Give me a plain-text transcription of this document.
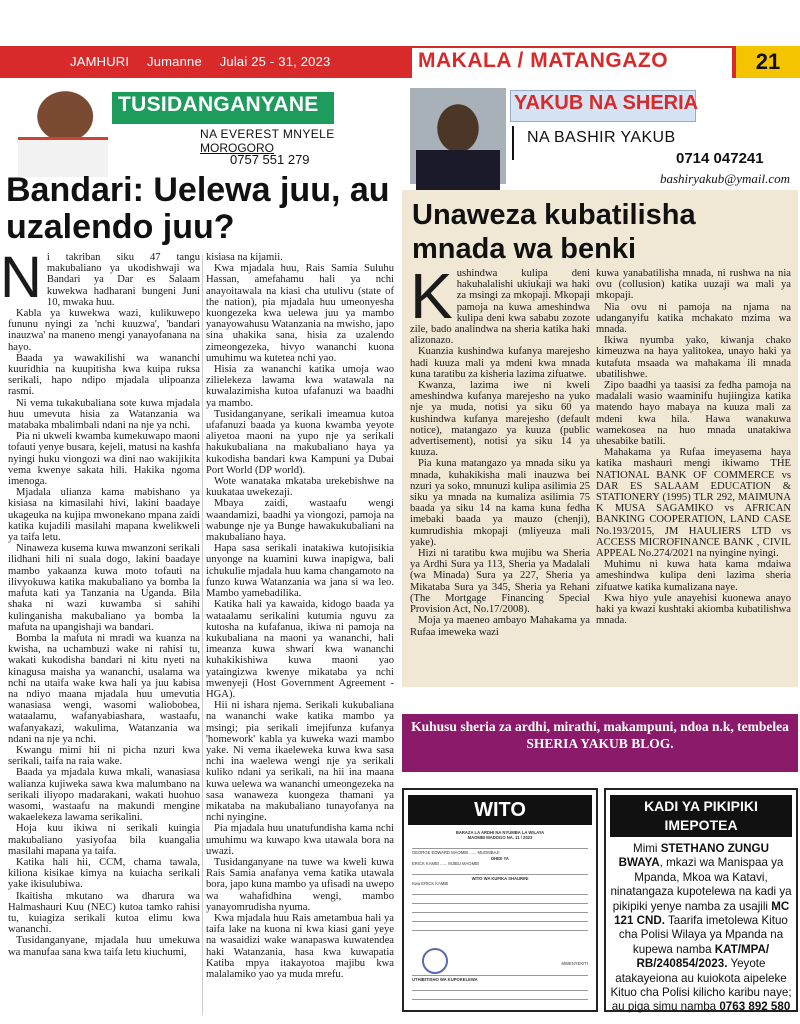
JAMHURI Jumanne Julai 25 - 31, 2023	MAKALA / MATANGAZO	21
TUSIDANGANYANE
NA EVEREST MNYELE
MOROGORO
0757 551 279
Bandari: Uelewa juu, au uzalendo juu?

Ni takriban siku 47 tangu makubaliano ya ukodishwaji wa Bandari ya Dar es Salaam kuwekwa hadharani bungeni Juni 10, mwaka huu.

Kabla ya kuwekwa wazi, kulikuwepo fununu nyingi za 'nchi kuuzwa', 'bandari inauzwa' na maneno mengi yanayofanana na hayo.

Baada ya wawakilishi wa wananchi kuuridhia na kuupitisha kwa kuipa ruksa serikali, hapo ndipo mjadala ulipoanza rasmi.

Ni vema tukakubaliana sote kuwa mjadala huu umevuta hisia za Watanzania wa matabaka mbalimbali ndani na nje ya nchi.

Pia ni ukweli kwamba kumekuwapo maoni tofauti yenye busara, kejeli, matusi na kashfa nyingi huku viongozi wa dini nao wakijikita vema kwenye sakata hili. Hakika ngoma imenoga.

Mjadala ulianza kama mabishano ya kisiasa na kimasilahi hivi, lakini baadaye ukageuka na kujipa mwonekano mpana zaidi katika kujadili masilahi mapana kwelikweli ya taifa letu.

Ninaweza kusema kuwa mwanzoni serikali ilidhani hili ni suala dogo, lakini baadaye mambo yakaanza kuwa moto tofauti na ilivyokuwa katika makubaliano ya bomba la mafuta kati ya Tanzania na Uganda. Bila shaka ni wazi kuwamba si sahihi kulinganisha makubaliano ya bomba la mafuta na upangishaji wa bandari.

Bomba la mafuta ni mradi wa kuanza na kwisha, na uchambuzi wake ni rahisi tu, wakati kukodisha bandari ni kitu nyeti na kinagusa maisha ya wananchi, usalama wa nchi na utaifa wake kwa hali ya juu kabisa na ndiyo maana mjadala huu umevutia wanasiasa wengi, wasomi waliobobea, wataalamu, wafanyabiashara, wastaafu, wafanyakazi, wakulima, Watanzania wa ndani na nje ya nchi.

Kwangu mimi hii ni picha nzuri kwa serikali, taifa na raia wake.

Baada ya mjadala kuwa mkali, wanasiasa walianza kujiweka sawa kwa malumbano na serikali iliyopo madarakani, wakati huohuo wasomi, wastaafu na makundi mengine wakaelekeza lawama serikalini.

Hoja kuu ikiwa ni serikali kuingia makubaliano yasiyofaa bila kuangalia masilahi mapana ya taifa.

Katika hali hii, CCM, chama tawala, kiliona kisikae kimya na kuiacha serikali yake ikisulubiwa.

Ikaitisha mkutano wa dharura wa Halmashauri Kuu (NEC) kutoa tamko rahisi tu, kuiagiza serikali kutoa elimu kwa wananchi.

Tusidanganyane, mjadala huu umekuwa wa manufaa sana kwa taifa letu kiuchumi,

kisiasa na kijamii.

Kwa mjadala huu, Rais Samia Suluhu Hassan, amefahamu hali ya nchi anayoitawala na kiasi cha utulivu (state of the nation), pia mjadala huu umeonyesha kuongezeka kwa uelewa juu ya mambo yanayowahusu Watanzania na mwisho, japo sina uhakika sana, hisia za uzalendo zimeongezeka, hivyo wananchi kuona umuhimu wa kutetea nchi yao.

Hisia za wananchi katika umoja wao zilielekeza lawama kwa watawala na kuwalazimisha kutoa ufafanuzi wa baadhi ya mambo.

Tusidanganyane, serikali imeamua kutoa ufafanuzi baada ya kuona kwamba yeyote aliyetoa maoni na yupo nje ya serikali hakukubaliana na makubaliano haya ya kukodisha bandari kwa Kampuni ya Dubai Port World (DP world).

Wote wanataka mkataba urekebishwe na kuukataa uwekezaji.

Mbaya zaidi, wastaafu wengi waandamizi, baadhi ya viongozi, pamoja na wabunge nje ya Bunge hawakukubaliani na makubaliano haya.

Hapa sasa serikali inatakiwa kutojisikia unyonge na kuamini kuwa inapigwa, bali ichukulie mjadala huu kama changamoto na funzo kuwa Watanzania wa jana si wa leo. Mambo yamebadilika.

Katika hali ya kawaida, kidogo baada ya wataalamu serikalini kutumia nguvu za kutosha na kufafanua, ikiwa ni pamoja na kukubaliana na maoni ya wananchi, hali imeanza kuwa shwari kwa wananchi kuhakikishiwa kuwa maoni yao yataingizwa kwenye mikataba ya nchi mwenyeji (Host Government Agreement - HGA).

Hii ni ishara njema. Serikali kukubaliana na wananchi wake katika mambo ya msingi; pia serikali imejifunza kufanya 'homework' kabla ya kuweka wazi mambo yake. Ni vema ikaeleweka kuwa kwa sasa nchi ina waelewa wengi nje ya serikali kuliko ndani ya serikali, na hii ina maana kuwa uelewa wa wananchi umeongezeka na sasa wanaweza kuongeza thamani ya mikataba na makubaliano tunayofanya na nchi nyingine.

Pia mjadala huu unatufundisha kama nchi umuhimu wa kuwapo kwa utawala bora na uwazi.

Tusidanganyane na tuwe wa kweli kuwa Rais Samia anafanya vema katika utawala bora, japo kuna mambo ya ufisadi na uwepo wa wahafidhina wengi, mambo yanayomrudisha nyuma.

Kwa mjadala huu Rais ametambua hali ya taifa lake na kuona ni kwa kiasi gani yeye na wasaidizi wake wanapaswa kuwatendea haki Watanzania, hasa kwa kuwapatia Katiba mpya itakayotoa majibu kwa malalamiko yao ya muda mrefu.

YAKUB NA SHERIA
NA BASHIR YAKUB
0714 047241
bashiryakub@ymail.com
Unaweza kubatilisha mnada wa benki

Kushindwa kulipa deni hakuhalalishi ukiukaji wa haki za msingi za mkopaji. Mkopaji pamoja na kuwa ameshindwa kulipa deni kwa sababu zozote zile, bado analindwa na sheria katika haki alizonazo.

Kuanzia kushindwa kufanya marejesho hadi kuuza mali ya mdeni kwa mnada kuna taratibu za kisheria lazima zifuatwe.

Kwanza, lazima iwe ni kweli ameshindwa kufanya marejesho na yuko nje ya muda, notisi ya siku 60 ya kushindwa kufanya marejesho (default notice), matangazo ya kuuza (public advertisement), notisi ya siku 14 ya kuuza.

Pia kuna matangazo ya mnada siku ya mnada, kuhakikisha mali inauzwa bei nzuri ya soko, mnunuzi kulipa asilimia 25 siku ya mnada na kumaliza asilimia 75 baada ya siku 14 na kama kuna fedha imebaki baada ya mauzo (chenji), kumrudishia mkopaji (mliyeuza mali yake).

Hizi ni taratibu kwa mujibu wa Sheria ya Ardhi Sura ya 113, Sheria ya Madalali (wa Minada) Sura ya 227, Sheria ya Mikataba Sura ya 345, Sheria ya Rehani (The Mortgage Financing Special Provision Act, No.17/2008).

Moja ya maeneo ambayo Mahakama ya Rufaa imeweka wazi

kuwa yanabatilisha mnada, ni rushwa na nia ovu (collusion) katika uuzaji wa mali ya mkopaji.

Nia ovu ni pamoja na njama na udanganyifu katika mchakato mzima wa mnada.

Ikiwa nyumba yako, kiwanja chako kimeuzwa na haya yalitokea, unayo haki ya kutafuta msaada wa mahakama ili mnada ubatilishwe.

Zipo baadhi ya taasisi za fedha pamoja na madalali wasio waaminifu hujiingiza katika matendo hayo mabaya na kuuza mali za mdeni kwa hila. Hawa wanakuwa wamekosea na huo mnada unatakiwa uhesabike batili.

Mahakama ya Rufaa imeyasema haya katika mashauri mengi ikiwamo THE NATIONAL BANK OF COMMERCE vs DAR ES SALAAM EDUCATION & STATIONERY (1995) TLR 292, MAIMUNA K MUSA SAGAMIKO vs AFRICAN BANKING COOPERATION, LAND CASE No.193/2015, JM HAULIERS LTD vs ACCESS MICROFINANCE BANK , CIVIL APPEAL No.274/2021 na nyingine nyingi.

Muhimu ni kuwa hata kama mdaiwa ameshindwa kulipa deni lazima sheria zifuatwe katika kumalizana naye.

Kwa hiyo yule anayehisi kuonewa anayo haki ya kwazi kushtaki akiomba kubatilishwa mnada.

Kuhusu sheria za ardhi, mirathi, makampuni, ndoa n.k, tembelea
SHERIA YAKUB BLOG.
WITO
BARAZA LA ARDHI NA NYUMBA LA WILAYA
MAOMBI MADOGO NA. 11 / 2023
GEORGE EDWARD MAOMBI ...... MUOMBAJI
DHIDI YA
ERICK KAMBI ...... MJIBU MAOMBI
WITO WA KUFIKA SHAURINI
Kwa ERICK KAMBI
MWENYEKITI
UTHIBITISHO WA KUPOKELEWA
KADI YA PIKIPIKI IMEPOTEA
Mimi STETHANO ZUNGU BWAYA, mkazi wa Manispaa ya Mpanda, Mkoa wa Katavi, ninatangaza kupotelewa na kadi ya pikipiki yenye namba za usajili MC 121 CND. Taarifa imetolewa Kituo cha Polisi Wilaya ya Mpanda na kupewa namba KAT/MPA/ RB/240854/2023. Yeyote atakayeiona au kuiokota aipeleke Kituo cha Polisi kilicho karibu naye; au piga simu namba 0763 892 580
